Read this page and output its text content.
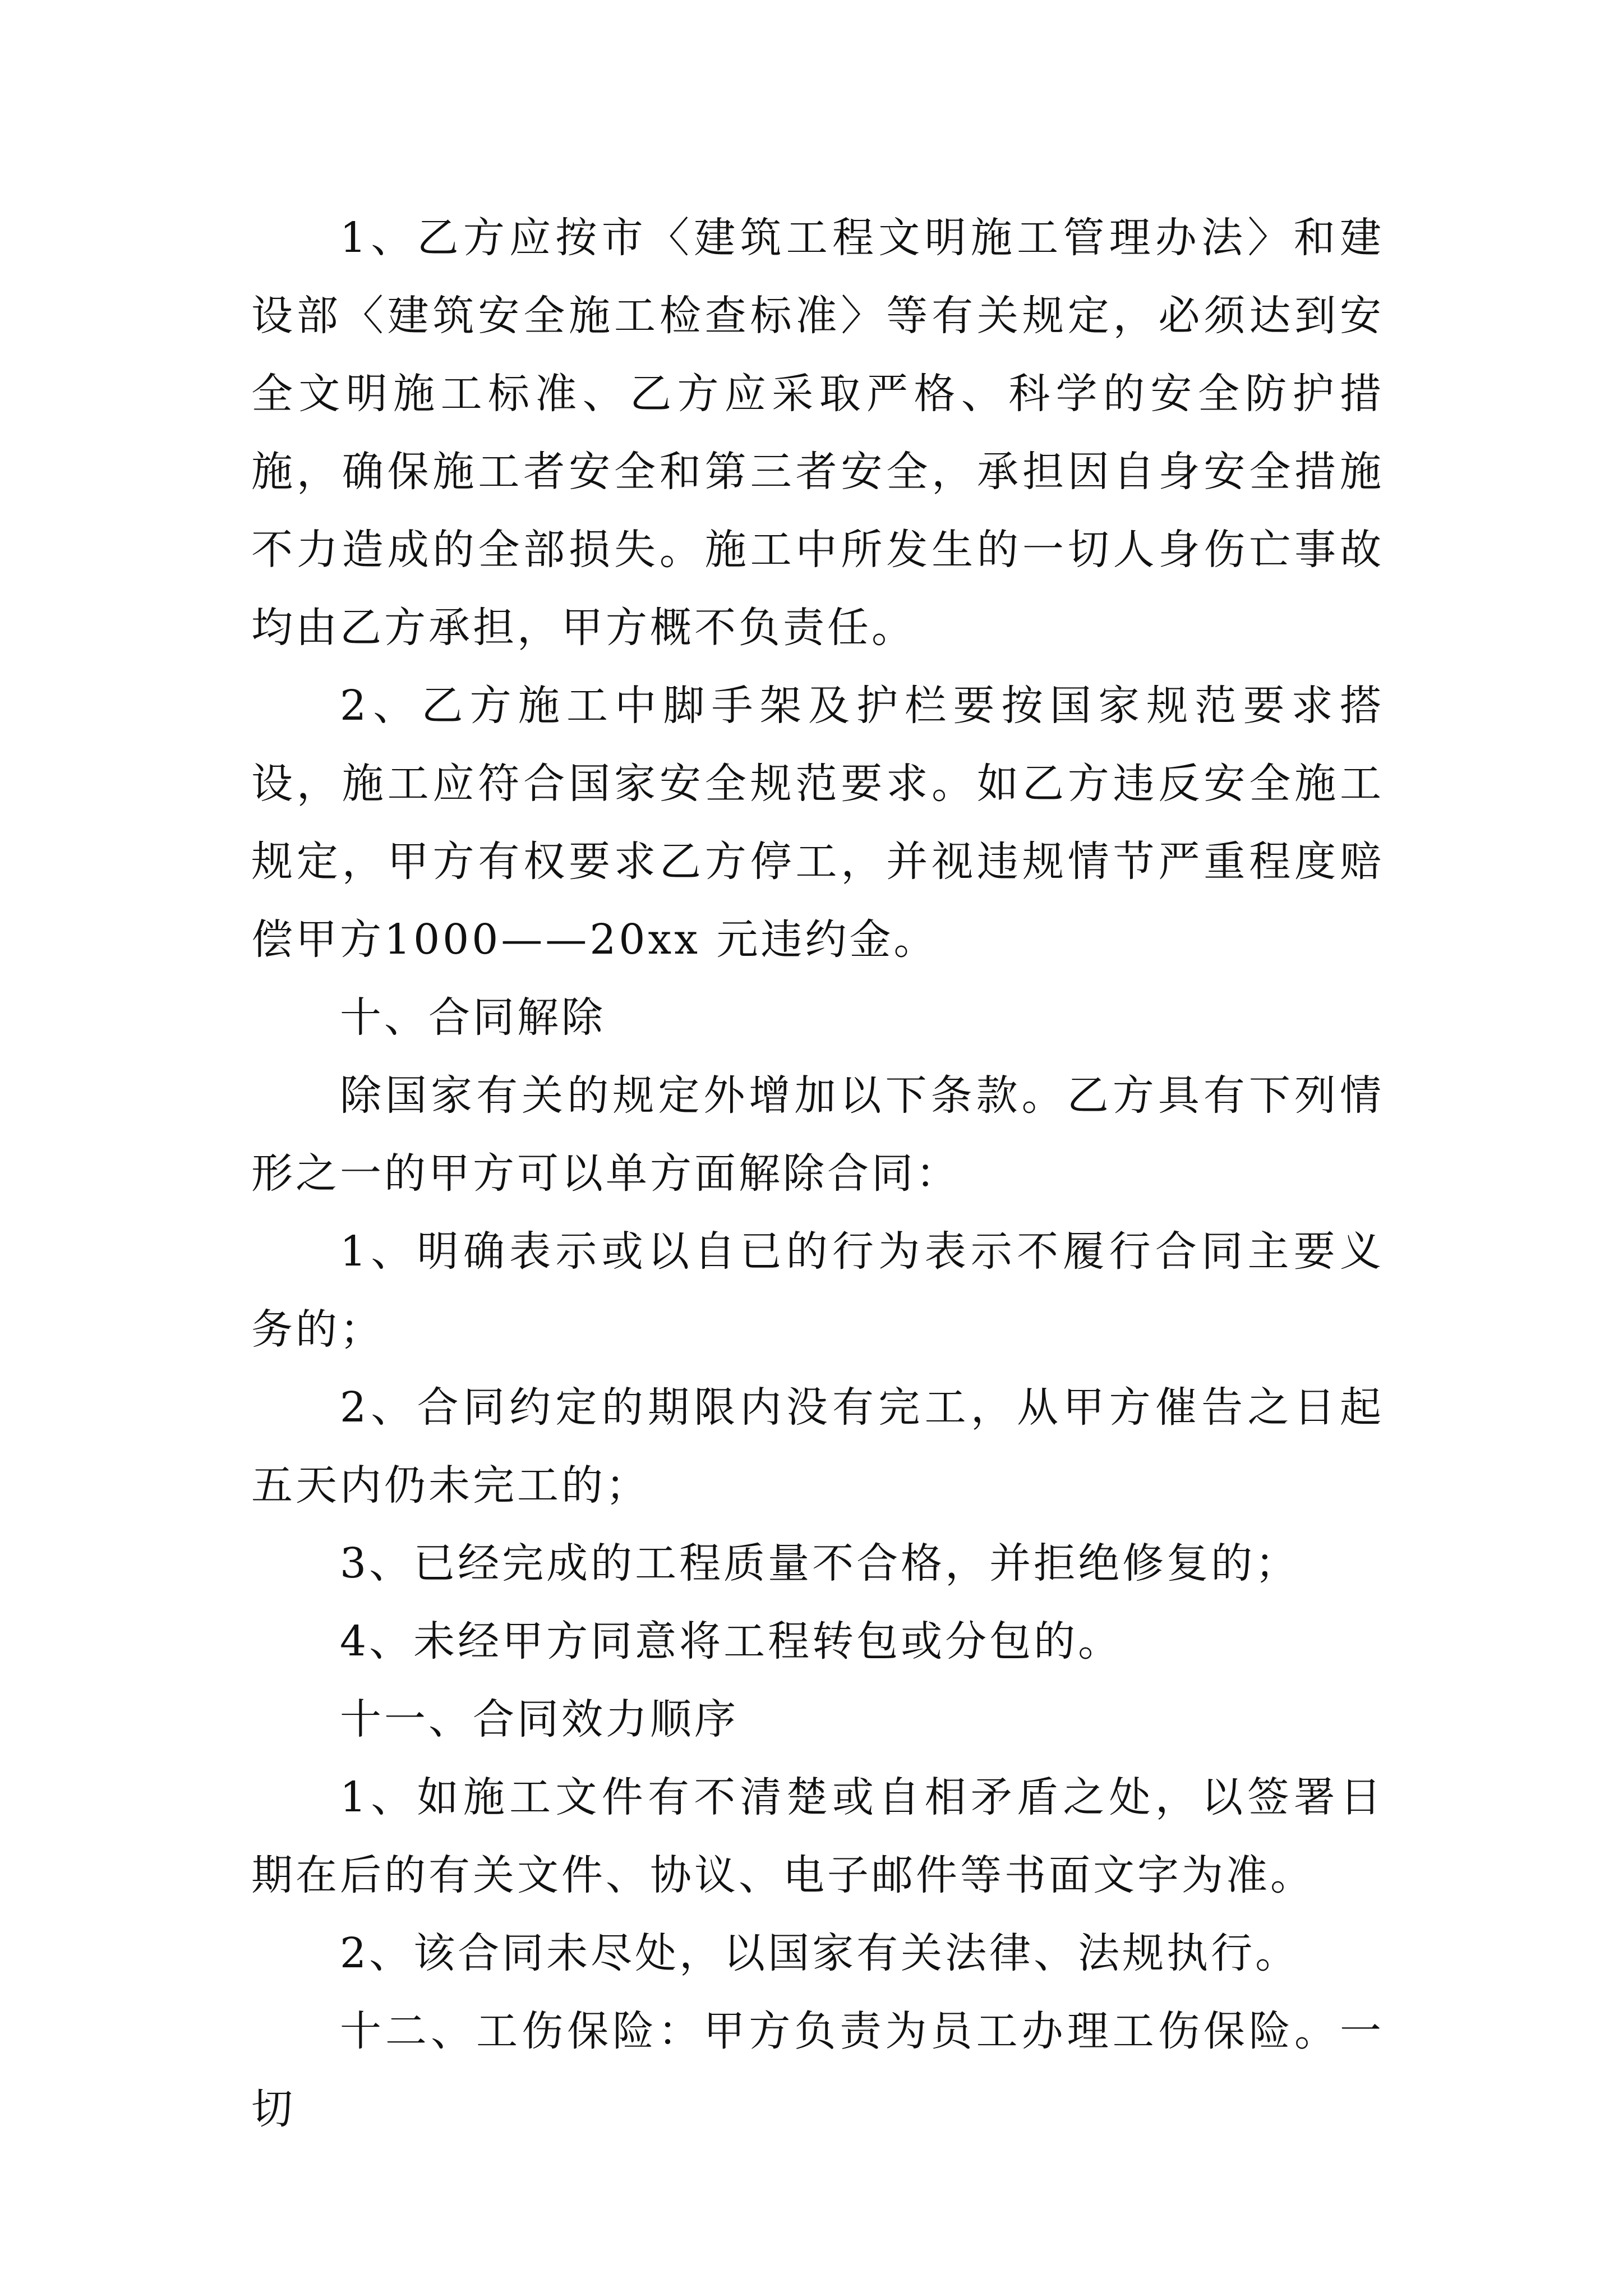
1、乙方应按市〈建筑工程文明施工管理办法〉和建设部〈建筑安全施工检查标准〉等有关规定，必须达到安全文明施工标准、乙方应采取严格、科学的安全防护措施，确保施工者安全和第三者安全，承担因自身安全措施不力造成的全部损失。施工中所发生的一切人身伤亡事故均由乙方承担，甲方概不负责任。

2、乙方施工中脚手架及护栏要按国家规范要求搭设，施工应符合国家安全规范要求。如乙方违反安全施工规定，甲方有权要求乙方停工，并视违规情节严重程度赔偿甲方1000——20xx 元违约金。

十、合同解除

除国家有关的规定外增加以下条款。乙方具有下列情形之一的甲方可以单方面解除合同：

1、明确表示或以自已的行为表示不履行合同主要义务的；

2、合同约定的期限内没有完工，从甲方催告之日起 五天内仍未完工的；

3、已经完成的工程质量不合格，并拒绝修复的；

4、未经甲方同意将工程转包或分包的。

十一、合同效力顺序

1、如施工文件有不清楚或自相矛盾之处，以签署日期在后的有关文件、协议、电子邮件等书面文字为准。

2、该合同未尽处，以国家有关法律、法规执行。

十二、工伤保险：甲方负责为员工办理工伤保险。一切
